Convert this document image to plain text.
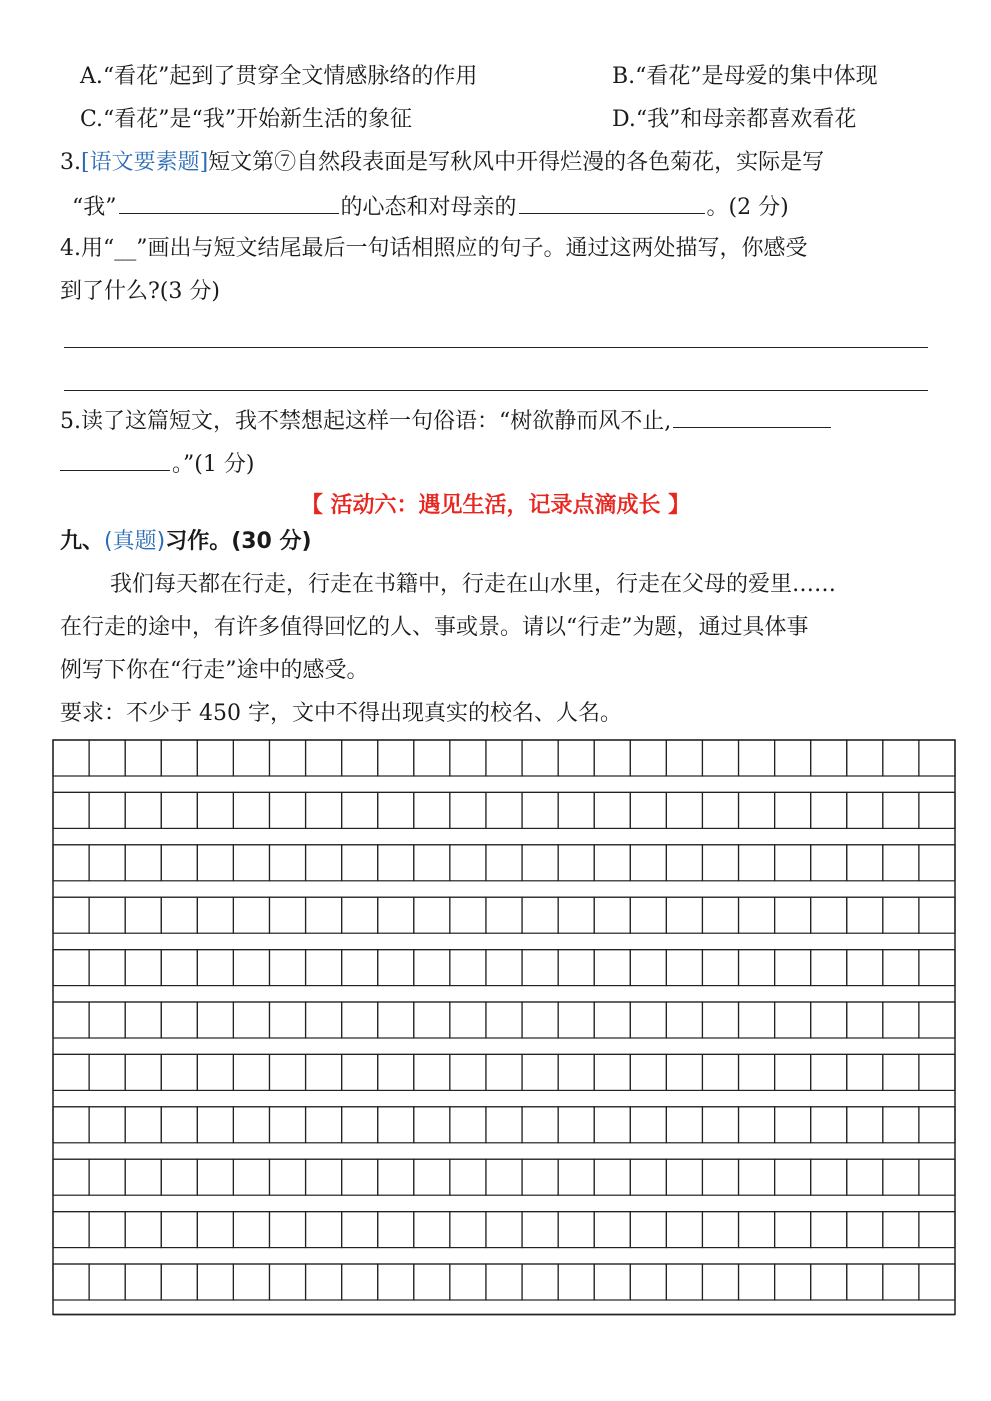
A.“看花”起到了贯穿全文情感脉络的作用	B.“看花”是母爱的集中体现
C.“看花”是“我”开始新生活的象征	D.“我”和母亲都喜欢看花
3.[语文要素题]短文第⑦自然段表面是写秋风中开得烂漫的各色菊花，实际是写
“我”	的心态和对母亲的	。(2 分)
4.用“__”画出与短文结尾最后一句话相照应的句子。通过这两处描写，你感受
到了什么?(3 分)
5.读了这篇短文，我不禁想起这样一句俗语：“树欲静而风不止,
。”(1 分)
【 活动六：遇见生活，记录点滴成长 】
九、(真题)习作。(30 分)
我们每天都在行走，行走在书籍中，行走在山水里，行走在父母的爱里……
在行走的途中，有许多值得回忆的人、事或景。请以“行走”为题，通过具体事
例写下你在“行走”途中的感受。
要求：不少于 450 字，文中不得出现真实的校名、人名。
